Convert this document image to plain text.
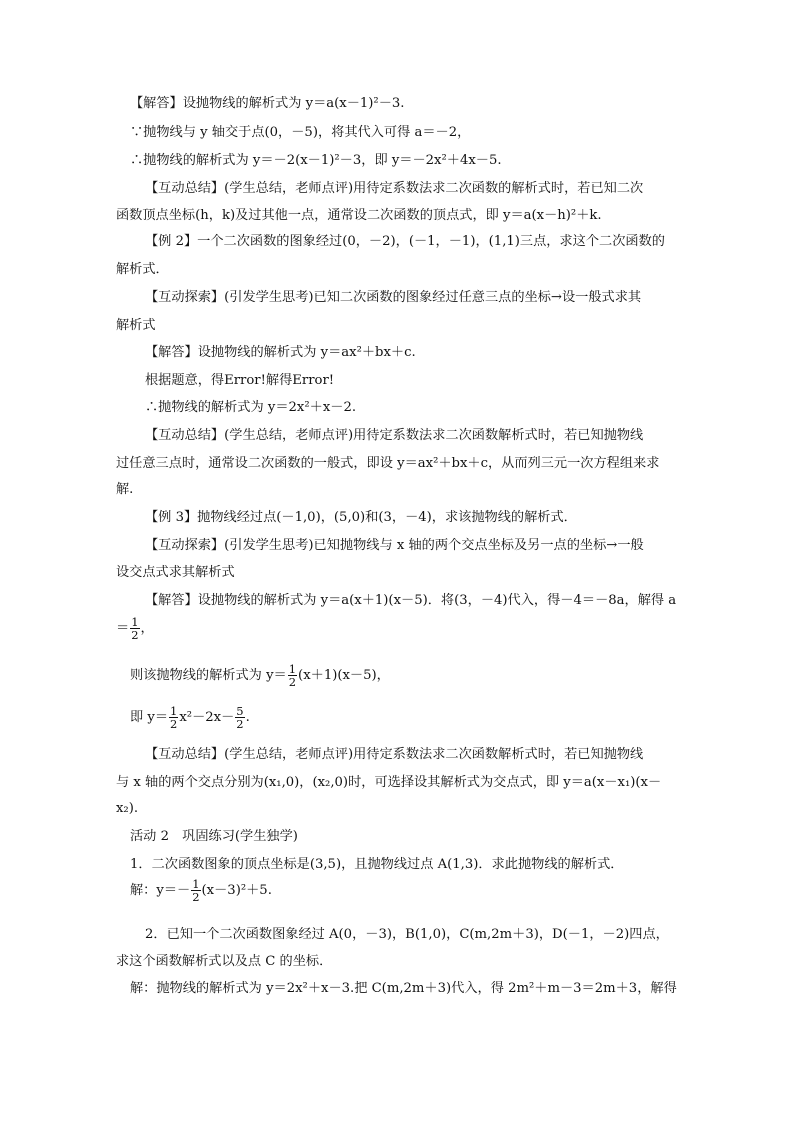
【解答】设抛物线的解析式为 y＝a(x－1)²－3.
∵抛物线与 y 轴交于点(0，－5)，将其代入可得 a＝－2，
∴抛物线的解析式为 y＝－2(x－1)²－3，即 y＝－2x²＋4x－5.
【互动总结】(学生总结，老师点评)用待定系数法求二次函数的解析式时，若已知二次
函数顶点坐标(h，k)及过其他一点，通常设二次函数的顶点式，即 y＝a(x－h)²＋k.
【例 2】一个二次函数的图象经过(0，－2)，(－1，－1)，(1,1)三点，求这个二次函数的
解析式．
【互动探索】(引发学生思考)已知二次函数的图象经过任意三点的坐标→设一般式求其
解析式
【解答】设抛物线的解析式为 y＝ax²＋bx＋c.
根据题意，得Error!解得Error!
∴抛物线的解析式为 y＝2x²＋x－2.
【互动总结】(学生总结，老师点评)用待定系数法求二次函数解析式时，若已知抛物线
过任意三点时，通常设二次函数的一般式，即设 y＝ax²＋bx＋c，从而列三元一次方程组来求
解.
【例 3】抛物线经过点(－1,0)，(5,0)和(3，－4)，求该抛物线的解析式．
【互动探索】(引发学生思考)已知抛物线与 x 轴的两个交点坐标及另一点的坐标→一般
设交点式求其解析式
【解答】设抛物线的解析式为 y＝a(x＋1)(x－5)．将(3，－4)代入，得－4＝－8a，解得 a
＝ $\frac{1}{2}$ ，
则该抛物线的解析式为 $y= \frac{1}{2} (x+1)(x-5)$，
即 $y= \frac{1}{2} x^2-2x- \frac{5}{2}$ .
【互动总结】(学生总结，老师点评)用待定系数法求二次函数解析式时，若已知抛物线
与 x 轴的两个交点分别为(x₁,0)，(x₂,0)时，可选择设其解析式为交点式，即 y＝a(x－x₁)(x－
x₂).
活动 2　巩固练习(学生独学)
1．二次函数图象的顶点坐标是(3,5)，且抛物线过点 A(1,3)．求此抛物线的解析式．
解：$y=- \frac{1}{2} (x-3)^2+5$.
2．已知一个二次函数图象经过 A(0，－3)，B(1,0)，C(m,2m＋3)，D(－1，－2)四点，
求这个函数解析式以及点 C 的坐标．
解：抛物线的解析式为 y＝2x²＋x－3.把 C(m,2m＋3)代入，得 2m²＋m－3＝2m＋3，解得
